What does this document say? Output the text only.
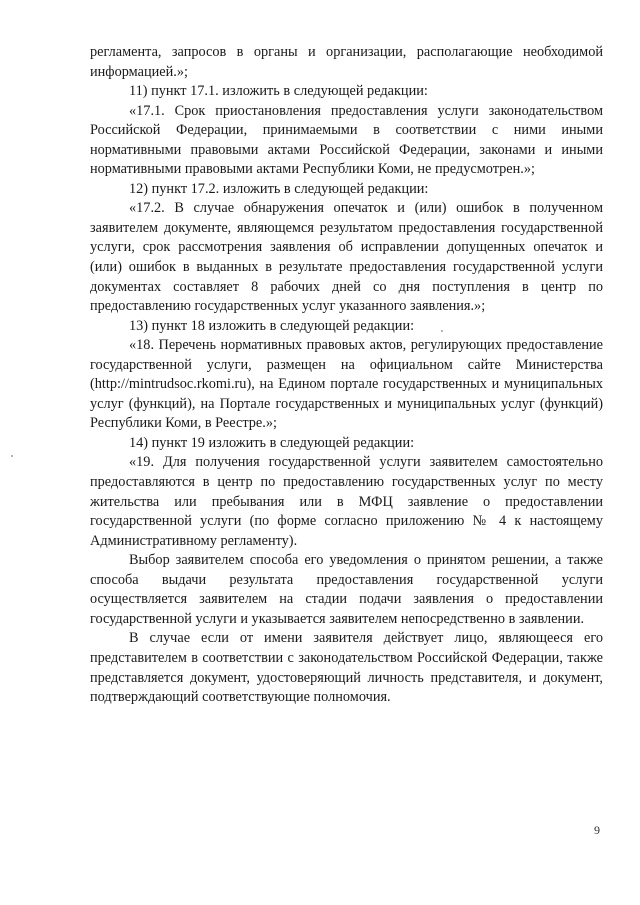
регламента, запросов в органы и организации, располагающие необходимой информацией.»;

11) пункт 17.1. изложить в следующей редакции:

«17.1. Срок приостановления предоставления услуги законодательством Российской Федерации, принимаемыми в соответствии с ними иными нормативными правовыми актами Российской Федерации, законами и иными нормативными правовыми актами Республики Коми, не предусмотрен.»;

12) пункт 17.2. изложить в следующей редакции:

«17.2. В случае обнаружения опечаток и (или) ошибок в полученном заявителем документе, являющемся результатом предоставления государственной услуги, срок рассмотрения заявления об исправлении допущенных опечаток и (или) ошибок в выданных в результате предоставления государственной услуги документах составляет 8 рабочих дней со дня поступления в центр по предоставлению государственных услуг указанного заявления.»;

13) пункт 18 изложить в следующей редакции:

«18. Перечень нормативных правовых актов, регулирующих предоставление государственной услуги, размещен на официальном сайте Министерства (http://mintrudsoc.rkomi.ru), на Едином портале государственных и муниципальных услуг (функций), на Портале государственных и муниципальных услуг (функций) Республики Коми, в Реестре.»;

14) пункт 19 изложить в следующей редакции:

«19. Для получения государственной услуги заявителем самостоятельно предоставляются в центр по предоставлению государственных услуг по месту жительства или пребывания или в МФЦ заявление о предоставлении государственной услуги (по форме согласно приложению № 4 к настоящему Административному регламенту).

Выбор заявителем способа его уведомления о принятом решении, а также способа выдачи результата предоставления государственной услуги осуществляется заявителем на стадии подачи заявления о предоставлении государственной услуги и указывается заявителем непосредственно в заявлении.

В случае если от имени заявителя действует лицо, являющееся его представителем в соответствии с законодательством Российской Федерации, также представляется документ, удостоверяющий личность представителя, и документ, подтверждающий соответствующие полномочия.

9
